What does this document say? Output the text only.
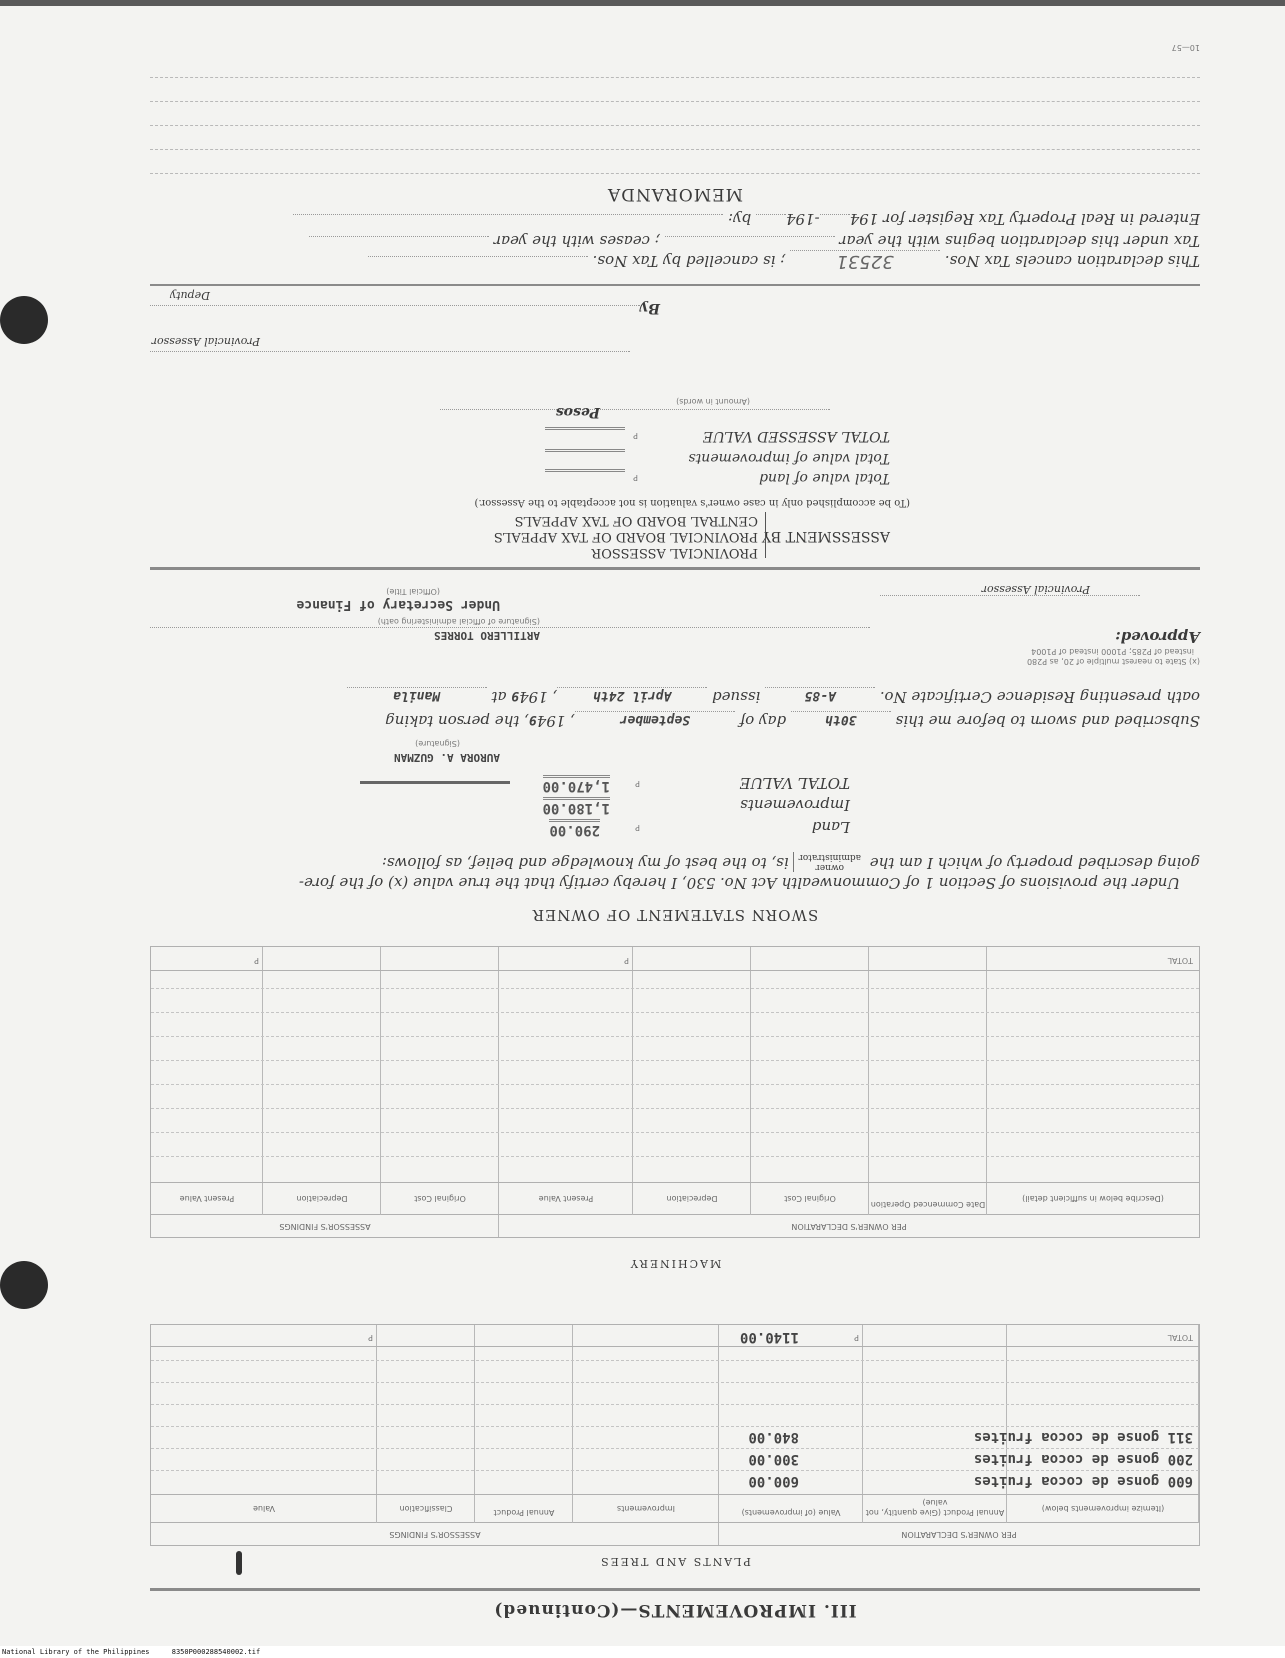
III. IMPROVEMENTS—(Continued)
PLANTS AND TREES
PER OWNER'S DECLARATION
ASSESSOR'S FINDINGS
(Itemize improvements below)
Annual Product (Give quantity, not value)
Value (of improvements)
Improvements
Annual Product
Classification
Value
600 gonse de cocoa fruites
600.00
200 gonse de cocoa fruites
300.00
311 gonse de cocoa fruites
840.00
TOTAL
P
1140.00
P
MACHINERY
PER OWNER'S DECLARATION
ASSESSOR'S FINDINGS
(Describe below in sufficient detail)
Date Commenced Operation
Original Cost
Depreciation
Present Value
Original Cost
Depreciation
Present Value
TOTAL
P
P
SWORN STATEMENT OF OWNER
Under the provisions of Section 1 of Commonwealth Act No. 530, I hereby certify that the true value (x) of the fore-
going described property of which I am the owner
administrator is, to the best of my knowledge and belief, as follows:
Land
P
290.00
Improvements
1,180.00
TOTAL VALUE
P
1,470.00
AURORA A. GUZMAN
(Signature)
Subscribed and sworn to before me this 30th day of September, 1949, the person taking
oath presenting Residence Certificate No. A-85 issued April 24th, 1949 at Manila
(x) State to nearest multiple of 20, as P280
instead of P285; P1000 instead of P1004
Approved:
ARTILLERO TORRES
(Signature of official administering oath)
Under Secretary of Finance
(Official Title)	Provincial Assessor
ASSESSMENT BY
PROVINCIAL ASSESSOR
PROVINCIAL BOARD OF TAX APPEALS
CENTRAL BOARD OF TAX APPEALS
(To be accomplished only in case owner's valuation is not acceptable to the Assessor.)
Total value of land
P
Total value of improvements
TOTAL ASSESSED VALUE
P
Pesos
(Amount in words)
Provincial Assessor
By
Deputy
This declaration cancels Tax Nos. 32531 ; is cancelled by Tax Nos.
Tax under this declaration begins with the year  ; ceases with the year
Entered in Real Property Tax Register for 194-194 by:
MEMORANDA
10—57
National Library of the Philippines	8350P000288540002.tif
